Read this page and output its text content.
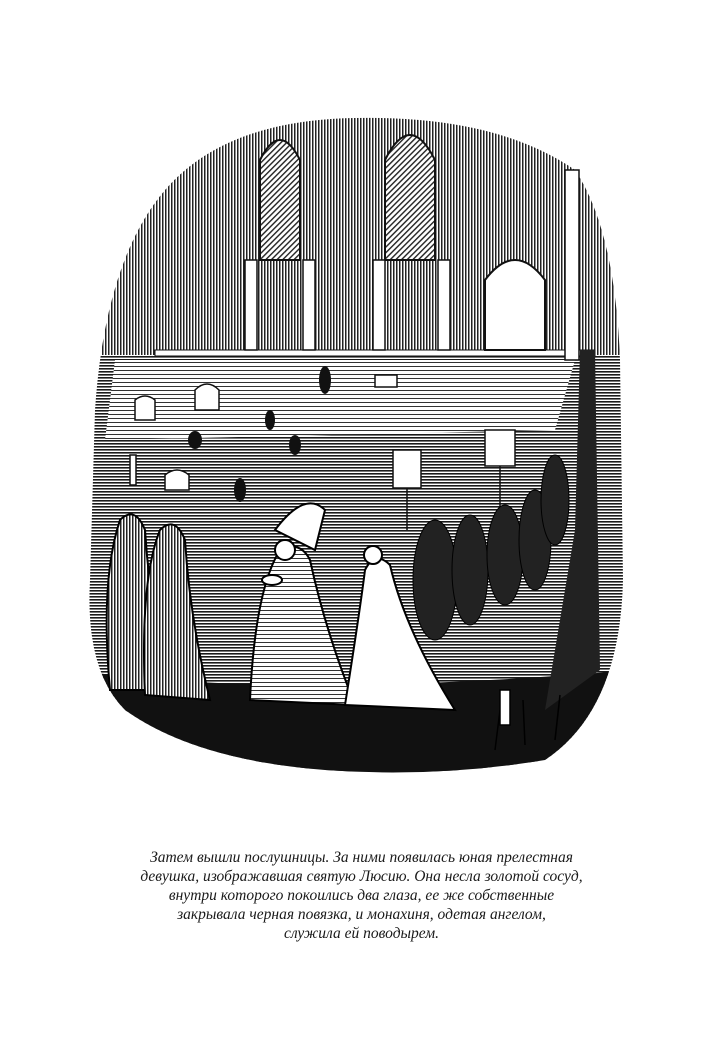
Затем вышли послушницы. За ними появилась юная прелестная
девушка, изображавшая святую Люсию. Она несла золотой сосуд,
внутри которого покоились два глаза, ее же собственные
закрывала черная повязка, и монахиня, одетая ангелом,
служила ей поводырем.
